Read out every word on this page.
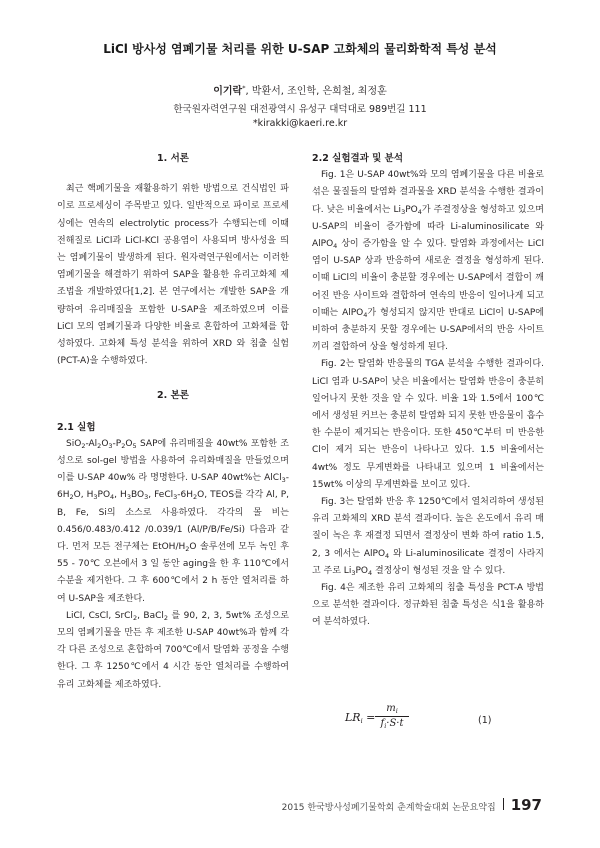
LiCl 방사성 염폐기물 처리를 위한 U-SAP 고화체의 물리화학적 특성 분석
이기락*, 박환서, 조인학, 은희철, 최정훈
한국원자력연구원 대전광역시 유성구 대덕대로 989번길 111
*kirakki@kaeri.re.kr
1. 서론

최근 핵폐기물을 재활용하기 위한 방법으로 건식법인 파이로 프로세싱이 주목받고 있다. 일반적으로 파이로 프로세싱에는 연속의 electrolytic process가 수행되는데 이때 전해질로 LiCl과 LiCl-KCl 공용염이 사용되며 방사성을 띄는 염폐기물이 발생하게 된다. 원자력연구원에서는 이러한 염폐기물을 해결하기 위하여 SAP을 활용한 유리고화체 제조법을 개발하였다[1,2]. 본 연구에서는 개발한 SAP을 개량하여 유리매질을 포함한 U-SAP을 제조하였으며 이를 LiCl 모의 염폐기물과 다양한 비율로 혼합하여 고화체를 합성하였다. 고화체 특성 분석을 위하여 XRD 와 침출 실험 (PCT-A)을 수행하였다.

2. 본론

2.1 실험

$SiO_2-Al_2O_3-P_2O_5$ SAP에 유리매질을 40wt% 포함한 조성으로 sol-gel 방법을 사용하여 유리화매질을 만들었으며 이를 U-SAP 40w% 라 명명한다. U-SAP 40wt%는 $AlCl_3-6H_2O$, $H_3PO_4$, $H_3BO_3$, $FeCl_3-6H_2O$, TEOS를 각각 Al, P, B, Fe, Si의 소스로 사용하였다. 각각의 몰 비는 0.456/0.483/0.412 /0.039/1 (Al/P/B/Fe/Si) 다음과 같다. 먼저 모든 전구체는 EtOH/$H_2O$ 솔루션에 모두 녹인 후 55 - 70℃ 오븐에서 3 일 동안 aging을 한 후 110℃에서 수분을 제거한다. 그 후 600℃에서 2 h 동안 열처리를 하여 U-SAP을 제조한다.

LiCl, CsCl, SrCl$_2$, BaCl$_2$ 를 90, 2, 3, 5wt% 조성으로 모의 염폐기물을 만든 후 제조한 U-SAP 40wt%과 함께 각각 다른 조성으로 혼합하여 700℃에서 탈염화 공정을 수행한다. 그 후 1250℃에서 4 시간 동안 열처리를 수행하여 유리 고화체를 제조하였다.

2.2 실험결과 및 분석

Fig. 1은 U-SAP 40wt%와 모의 염폐기물을 다른 비율로 섞은 물질들의 탈염화 결과물을 XRD 분석을 수행한 결과이다. 낮은 비율에서는 $Li_3PO_4$가 주결정상을 형성하고 있으며 U-SAP의 비율이 증가함에 따라 Li-aluminosilicate 와 AlPO$_4$ 상이 증가함을 알 수 있다. 탈염화 과정에서는 LiCl 염이 U-SAP 상과 반응하여 새로운 결정을 형성하게 된다. 이때 LiCl의 비율이 충분할 경우에는 U-SAP에서 결합이 깨어진 반응 사이트와 결합하여 연속의 반응이 일어나게 되고 이때는 AlPO$_4$가 형성되지 않지만 반대로 LiCl이 U-SAP에 비하여 충분하지 못할 경우에는 U-SAP에서의 반응 사이트끼리 결합하여 상을 형성하게 된다.

Fig. 2는 탈염화 반응물의 TGA 분석을 수행한 결과이다. LiCl 염과 U-SAP이 낮은 비율에서는 탈염화 반응이 충분히 일어나지 못한 것을 알 수 있다. 비율 1와 1.5에서 100℃에서 생성된 커브는 충분히 탈염화 되지 못한 반응물이 흡수한 수분이 제거되는 반응이다. 또한 450℃부터 미 반응한 Cl이 제거 되는 반응이 나타나고 있다. 1.5 비율에서는 4wt% 정도 무게변화를 나타내고 있으며 1 비율에서는 15wt% 이상의 무게변화를 보이고 있다.

Fig. 3는 탈염화 반응 후 1250℃에서 열처리하여 생성된 유리 고화체의 XRD 분석 결과이다. 높은 온도에서 유리 매질이 녹은 후 재결정 되면서 결정상이 변화 하여 ratio 1.5, 2, 3 에서는 AlPO$_4$ 와 Li-aluminosilicate 결정이 사라지고 주로 $Li_3PO_4$ 결정상이 형성된 것을 알 수 있다.

Fig. 4은 제조한 유리 고화체의 침출 특성을 PCT-A 방법으로 분석한 결과이다. 정규화된 침출 특성은 식1을 활용하여 분석하였다.

LRi =
$m_i$
$f_i\cdot S\cdot t$	(1)
2015 한국방사성폐기물학회 춘계학술대회 논문요약집 197
